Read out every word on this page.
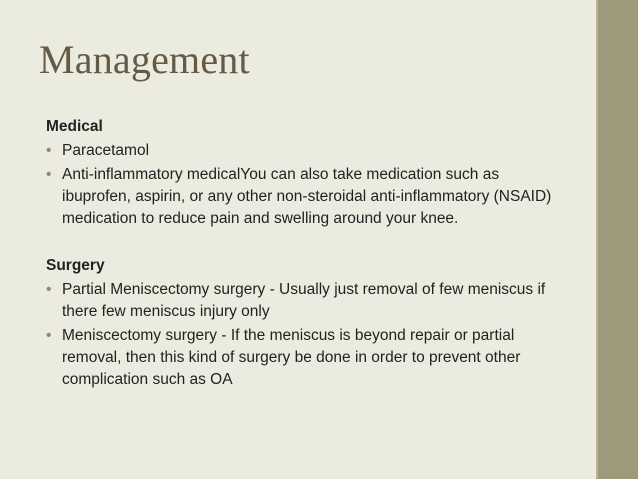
Management
Medical
• Paracetamol
• Anti-inflammatory medicalYou can also take medication such as ibuprofen, aspirin, or any other non-steroidal anti-inflammatory (NSAID) medication to reduce pain and swelling around your knee.
Surgery
• Partial Meniscectomy surgery - Usually just removal of few meniscus if there few meniscus injury only
• Meniscectomy surgery - If the meniscus is beyond repair or partial removal, then this kind of surgery be done in order to prevent other complication such as OA
